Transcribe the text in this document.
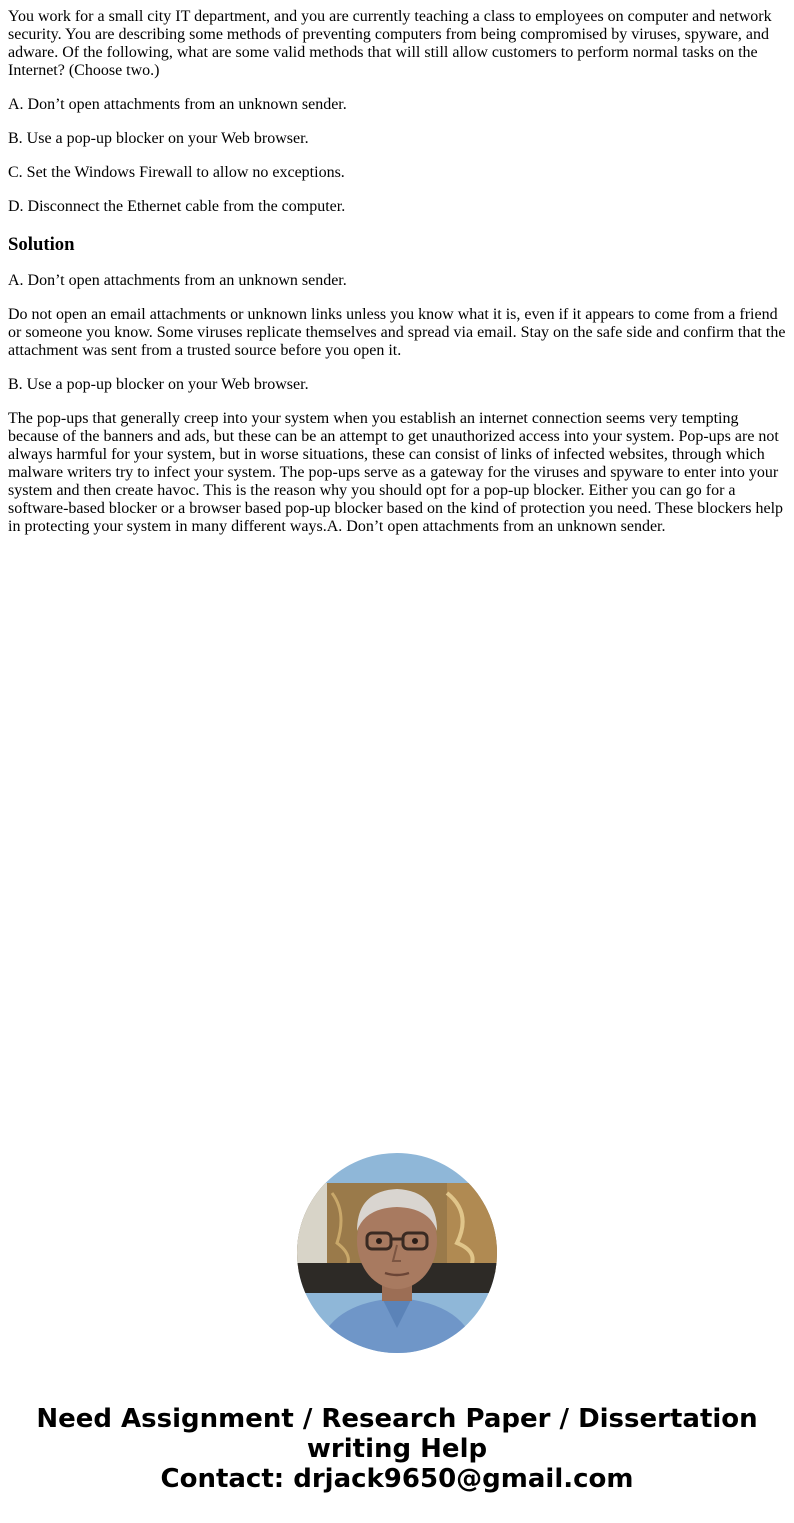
You work for a small city IT department, and you are currently teaching a class to employees on computer and network security. You are describing some methods of preventing computers from being compromised by viruses, spyware, and adware. Of the following, what are some valid methods that will still allow customers to perform normal tasks on the Internet? (Choose two.)

A. Don’t open attachments from an unknown sender.

B. Use a pop-up blocker on your Web browser.

C. Set the Windows Firewall to allow no exceptions.

D. Disconnect the Ethernet cable from the computer.

Solution

A. Don’t open attachments from an unknown sender.

Do not open an email attachments or unknown links unless you know what it is, even if it appears to come from a friend or someone you know. Some viruses replicate themselves and spread via email. Stay on the safe side and confirm that the attachment was sent from a trusted source before you open it.

B. Use a pop-up blocker on your Web browser.

The pop-ups that generally creep into your system when you establish an internet connection seems very tempting because of the banners and ads, but these can be an attempt to get unauthorized access into your system. Pop-ups are not always harmful for your system, but in worse situations, these can consist of links of infected websites, through which malware writers try to infect your system. The pop-ups serve as a gateway for the viruses and spyware to enter into your system and then create havoc. This is the reason why you should opt for a pop-up blocker. Either you can go for a software-based blocker or a browser based pop-up blocker based on the kind of protection you need. These blockers help in protecting your system in many different ways.A. Don’t open attachments from an unknown sender.

Need Assignment / Research Paper / Dissertation
writing Help
Contact: drjack9650@gmail.com
